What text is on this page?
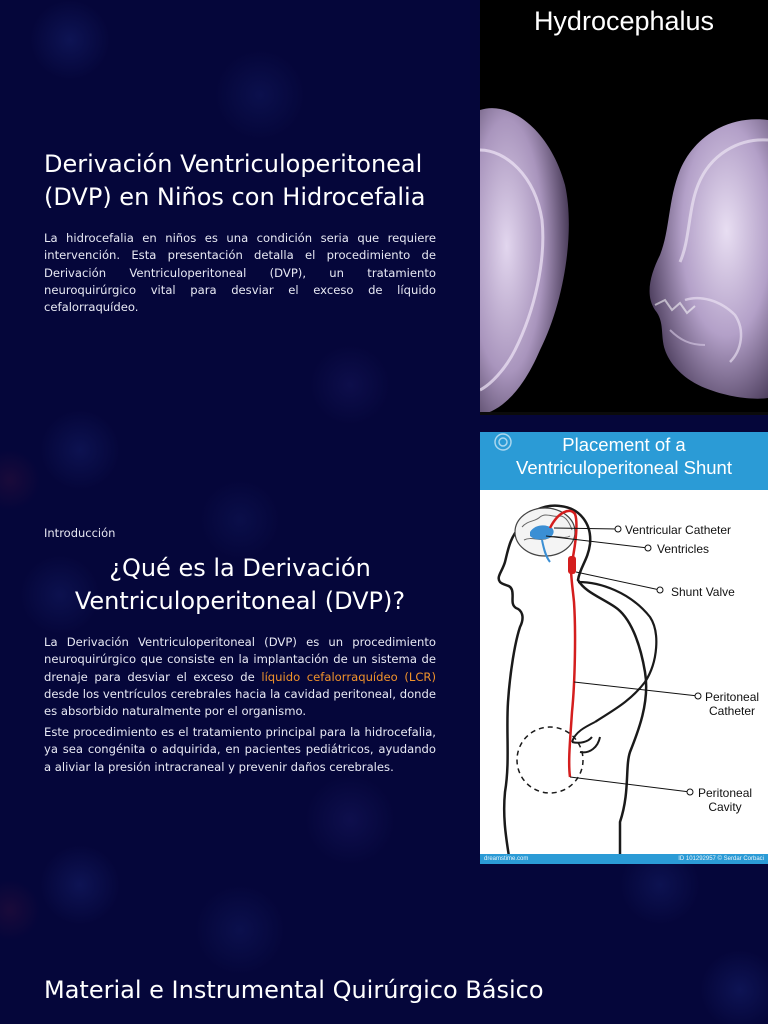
Derivación Ventriculoperitoneal (DVP) en Niños con Hidrocefalia

La hidrocefalia en niños es una condición seria que requiere intervención. Esta presentación detalla el procedimiento de Derivación Ventriculoperitoneal (DVP), un tratamiento neuroquirúrgico vital para desviar el exceso de líquido cefalorraquídeo.

Introducción
¿Qué es la Derivación Ventriculoperitoneal (DVP)?

La Derivación Ventriculoperitoneal (DVP) es un procedimiento neuroquirúrgico que consiste en la implantación de un sistema de drenaje para desviar el exceso de líquido cefalorraquídeo (LCR) desde los ventrículos cerebrales hacia la cavidad peritoneal, donde es absorbido naturalmente por el organismo.

Este procedimiento es el tratamiento principal para la hidrocefalia, ya sea congénita o adquirida, en pacientes pediátricos, ayudando a aliviar la presión intracraneal y prevenir daños cerebrales.

Material e Instrumental Quirúrgico Básico
Hydrocephalus
Placement of a
Ventriculoperitoneal Shunt
Ventricular Catheter
Ventricles
Shunt Valve
Peritoneal
Catheter
Peritoneal
Cavity
dreamstime.com	ID 101292957 © Serdar Corbaci
